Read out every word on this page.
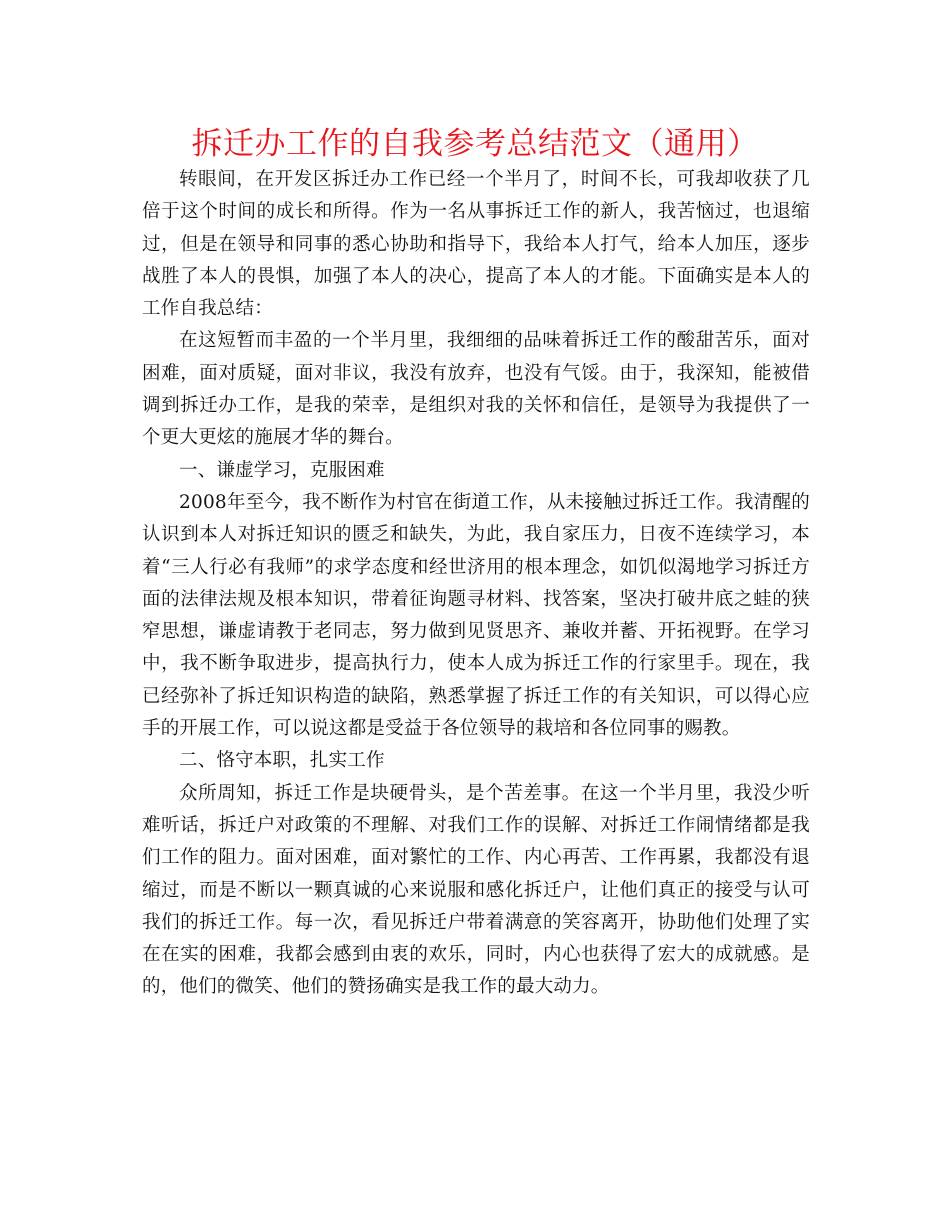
拆迁办工作的自我参考总结范文（通用）

转眼间，在开发区拆迁办工作已经一个半月了，时间不长，可我却收获了几倍于这个时间的成长和所得。作为一名从事拆迁工作的新人，我苦恼过，也退缩过，但是在领导和同事的悉心协助和指导下，我给本人打气，给本人加压，逐步战胜了本人的畏惧，加强了本人的决心，提高了本人的才能。下面确实是本人的工作自我总结：

在这短暂而丰盈的一个半月里，我细细的品味着拆迁工作的酸甜苦乐，面对困难，面对质疑，面对非议，我没有放弃，也没有气馁。由于，我深知，能被借调到拆迁办工作，是我的荣幸，是组织对我的关怀和信任，是领导为我提供了一个更大更炫的施展才华的舞台。

一、谦虚学习，克服困难

2008年至今，我不断作为村官在街道工作，从未接触过拆迁工作。我清醒的认识到本人对拆迁知识的匮乏和缺失，为此，我自家压力，日夜不连续学习，本着“三人行必有我师”的求学态度和经世济用的根本理念，如饥似渴地学习拆迁方面的法律法规及根本知识，带着征询题寻材料、找答案，坚决打破井底之蛙的狭窄思想，谦虚请教于老同志，努力做到见贤思齐、兼收并蓄、开拓视野。在学习中，我不断争取进步，提高执行力，使本人成为拆迁工作的行家里手。现在，我已经弥补了拆迁知识构造的缺陷，熟悉掌握了拆迁工作的有关知识，可以得心应手的开展工作，可以说这都是受益于各位领导的栽培和各位同事的赐教。

二、恪守本职，扎实工作

众所周知，拆迁工作是块硬骨头，是个苦差事。在这一个半月里，我没少听难听话，拆迁户对政策的不理解、对我们工作的误解、对拆迁工作闹情绪都是我们工作的阻力。面对困难，面对繁忙的工作、内心再苦、工作再累，我都没有退缩过，而是不断以一颗真诚的心来说服和感化拆迁户，让他们真正的接受与认可我们的拆迁工作。每一次，看见拆迁户带着满意的笑容离开，协助他们处理了实在在实的困难，我都会感到由衷的欢乐，同时，内心也获得了宏大的成就感。是的，他们的微笑、他们的赞扬确实是我工作的最大动力。
